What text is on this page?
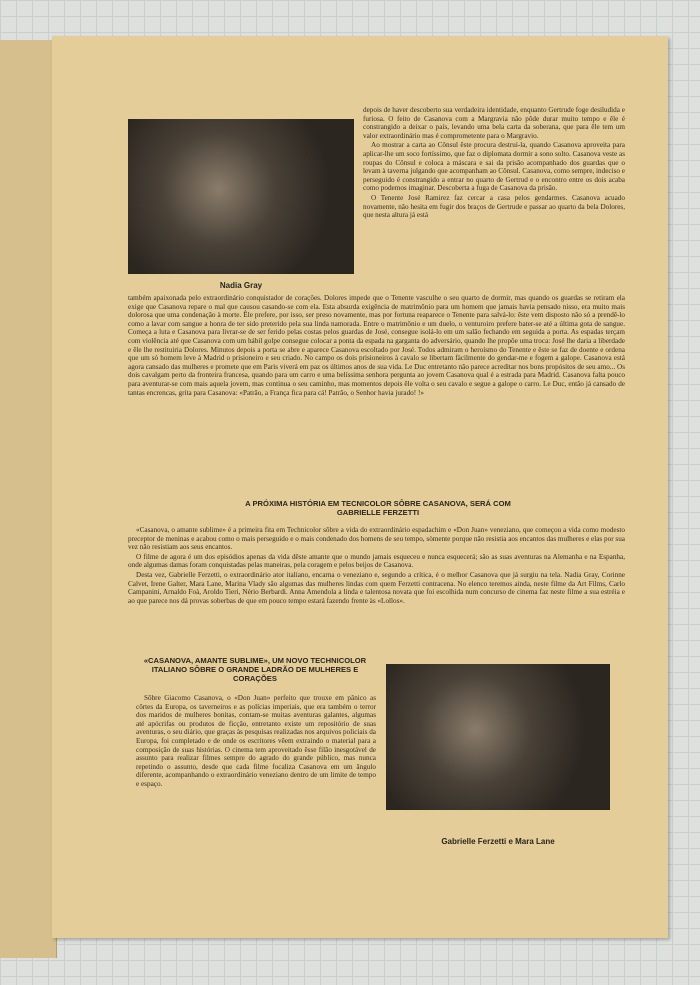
Nadia Gray

depois de haver descoberto sua verdadeira identidade, enquanto Gertrude foge desiludida e furiosa. O feito de Casanova com a Margravia não pôde durar muito tempo e êle é constrangido a deixar o país, levando uma bela carta da soberana, que para êle tem um valor extraordinário mas é comprometente para o Margravio.

Ao mostrar a carta ao Cônsul êste procura destruí-la, quando Casanova aproveita para aplicar-lhe um soco fortíssimo, que faz o diplomata dormir a sono solto. Casanova veste as roupas do Cônsul e coloca a máscara e sai da prisão acompanhado dos guardas que o levam à taverna julgando que acompanham ao Cônsul. Casanova, como sempre, indeciso e perseguido é constrangido a entrar no quarto de Gertrud e o encontro entre os dois acaba como podemos imaginar. Descoberta a fuga de Casanova da prisão.

O Tenente José Ramirez faz cercar a casa pelos gendarmes. Casanova acuado novamente, não hesita em fugir dos braços de Gertrude e passar ao quarto da bela Dolores, que nesta altura já está

também apaixonada pelo extraordinário conquistador de corações. Dolores impede que o Tenente vasculhe o seu quarto de dormir, mas quando os guardas se retiram ela exige que Casanova repare o mal que causou casando-se com ela. Esta absurda exigência de matrimônio para um homem que jamais havia pensado nisso, era muito mais dolorosa que uma condenação à morte. Êle prefere, por isso, ser preso novamente, mas por fortuna reaparece o Tenente para salvá-lo: êste vem disposto não só a prendê-lo como a lavar com sangue a honra de ter sido preterido pela sua linda namorada. Entre o matrimônio e um duelo, o venturoiro prefere bater-se até a última gota de sangue. Começa a luta e Casanova para livrar-se de ser ferido pelas costas pelos guardas de José, consegue isolá-lo em um salão fechando em seguida a porta. As espadas terçam com violência até que Casanova com um hábil golpe consegue colocar a ponta da espada na garganta do adversário, quando lhe propõe uma troca: José lhe daria a liberdade e êle lhe restituiria Dolores. Minutos depois a porta se abre e aparece Casanova escoltado por José. Todos admiram o heroísmo do Tenente e êste se faz de doente e ordena que um só homem leve à Madrid o prisioneiro e seu criado. No campo os dois prisioneiros à cavalo se libertam fàcilmente do gendar-me e fogem a galope. Casanova está agora cansado das mulheres e promete que em Paris viverá em paz os últimos anos de sua vida. Le Duc entretanto não parece acreditar nos bons propósitos de seu amo... Os dois cavalgam perto da fronteira francesa, quando para um carro e uma belíssima senhora pergunta ao jovem Casanova qual é a estrada para Madrid. Casanova falta pouco para aventurar-se com mais aquela jovem, mas continua o seu caminho, mas momentos depois êle volta o seu cavalo e segue a galope o carro. Le Duc, então já cansado de tantas encrencas, grita para Casanova: «Patrão, a França fica para cá! Patrão, o Senhor havia jurado! !»

A PRÓXIMA HISTÓRIA EM TECNICOLOR SÔBRE CASANOVA, SERÁ COM GABRIELLE FERZETTI

«Casanova, o amante sublime» é a primeira fita em Technicolor sôbre a vida do extraordinário espadachim e «Don Juan» veneziano, que começou a vida como modesto preceptor de meninas e acabou como o mais perseguido e o mais condenado dos homens de seu tempo, sòmente porque não resistia aos encantos das mulheres e elas por sua vez não resistiam aos seus encantos.

O filme de agora é um dos episódios apenas da vida dêste amante que o mundo jamais esqueceu e nunca esquecerá; são as suas aventuras na Alemanha e na Espanha, onde algumas damas foram conquistadas pelas maneiras, pela coragem e pelos beijos de Casanova.

Desta vez, Gabrielle Ferzetti, o extraordinário ator italiano, encarna o veneziano e, segundo a crítica, é o melhor Casanova que já surgiu na tela. Nadia Gray, Corinne Calvet, Irene Galter, Mara Lane, Marina Vlady são algumas das mulheres lindas com quem Ferzetti contracena. No elenco teremos ainda, neste filme da Art Films, Carlo Campanini, Arnaldo Foà, Aroldo Tieri, Nério Berbardi. Anna Amendola a linda e talentosa novata que foi escolhida num concurso de cinema faz neste filme a sua estréia e ao que parece nos dá provas soberbas de que em pouco tempo estará fazendo frente às «Lollos».

«CASANOVA, AMANTE SUBLIME», UM NOVO TECHNICOLOR ITALIANO SÔBRE O GRANDE LADRÃO DE MULHERES E CORAÇÕES

Sôbre Giacomo Casanova, o «Don Juan» perfeito que trouxe em pânico as côrtes da Europa, os taverneiros e as polícias imperiais, que era também o terror dos maridos de mulheres bonitas, contam-se muitas aventuras galantes, algumas até apócrifas ou produtos de ficção, entretanto existe um repositório de suas aventuras, o seu diário, que graças às pesquisas realizadas nos arquivos policiais da Europa, foi completado e de onde os escritores vêem extraindo o material para a composição de suas histórias. O cinema tem aproveitado êsse filão inesgotável de assunto para realizar filmes sempre do agrado do grande público, mas nunca repetindo o assunto, desde que cada filme focaliza Casanova em um ângulo diferente, acompanhando o extraordinário veneziano dentro de um limite de tempo e espaço.

Gabrielle Ferzetti e Mara Lane
